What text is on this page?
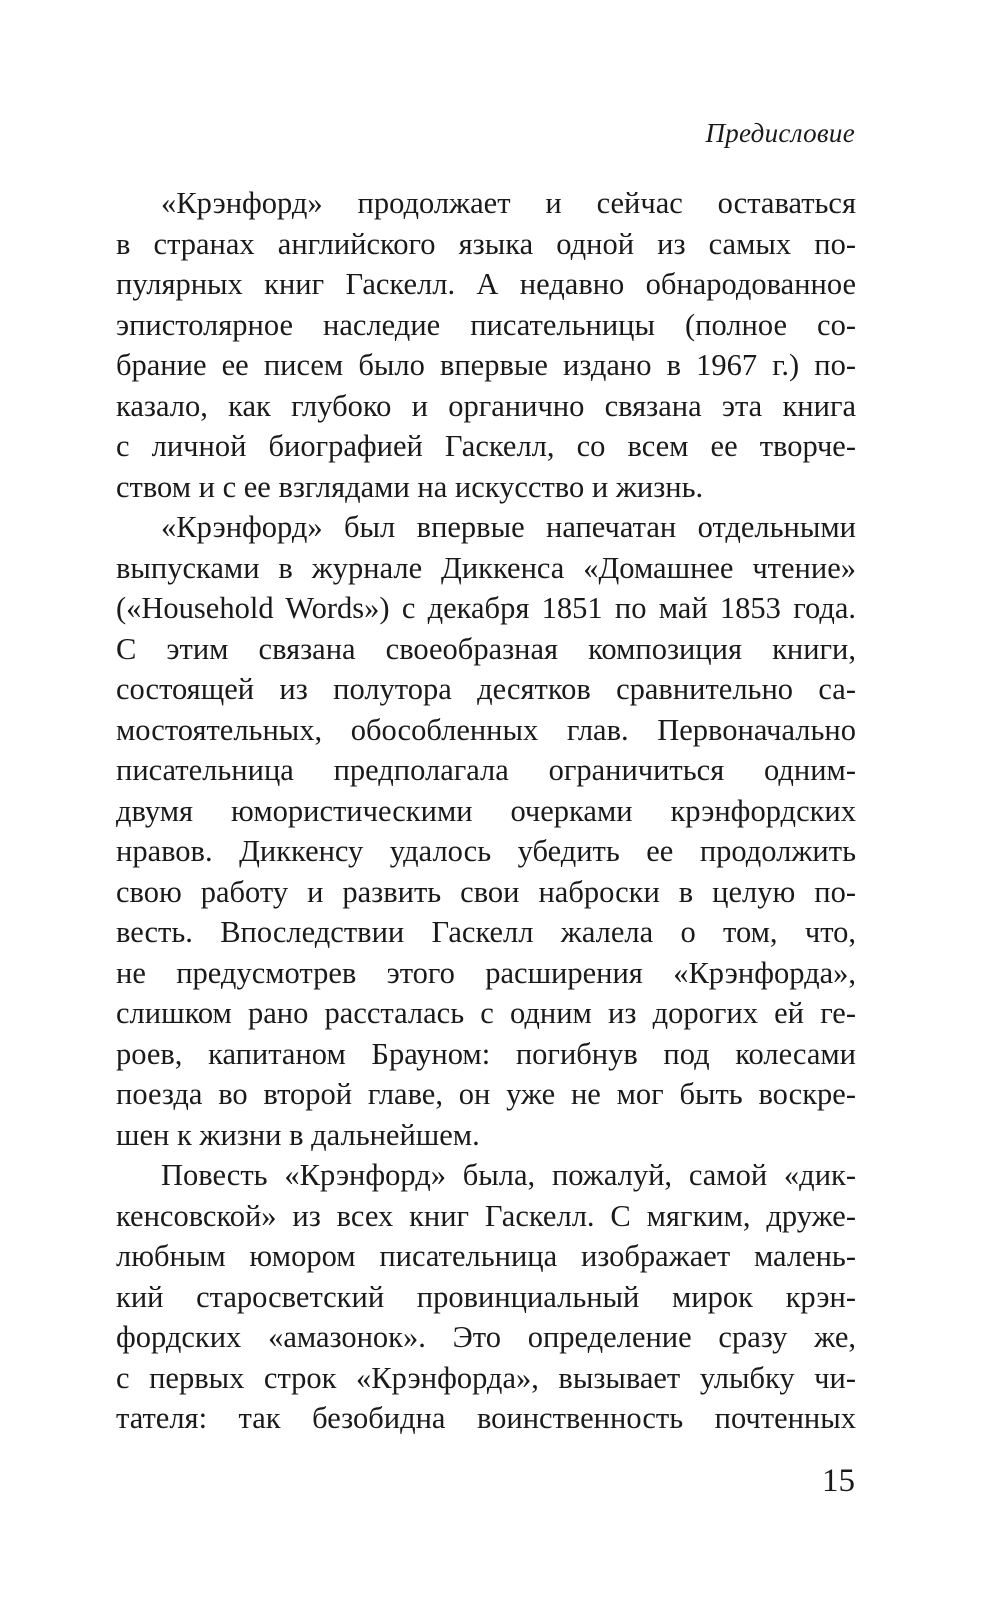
Предисловие
«Крэнфорд» продолжает и сейчас оставаться
в странах английского языка одной из самых по-
пулярных книг Гаскелл. А недавно обнародованное
эпистолярное наследие писательницы (полное со-
брание ее писем было впервые издано в 1967 г.) по-
казало, как глубоко и органично связана эта книга
с личной биографией Гаскелл, со всем ее творче-
ством и с ее взглядами на искусство и жизнь.
«Крэнфорд» был впервые напечатан отдельными
выпусками в журнале Диккенса «Домашнее чтение»
(«Household Words») с декабря 1851 по май 1853 года.
С этим связана своеобразная композиция книги,
состоящей из полутора десятков сравнительно са-
мостоятельных, обособленных глав. Первоначально
писательница предполагала ограничиться одним-
двумя юмористическими очерками крэнфордских
нравов. Диккенсу удалось убедить ее продолжить
свою работу и развить свои наброски в целую по-
весть. Впоследствии Гаскелл жалела о том, что,
не предусмотрев этого расширения «Крэнфорда»,
слишком рано рассталась с одним из дорогих ей ге-
роев, капитаном Брауном: погибнув под колесами
поезда во второй главе, он уже не мог быть воскре-
шен к жизни в дальнейшем.
Повесть «Крэнфорд» была, пожалуй, самой «дик-
кенсовской» из всех книг Гаскелл. С мягким, друже-
любным юмором писательница изображает малень-
кий старосветский провинциальный мирок крэн-
фордских «амазонок». Это определение сразу же,
с первых строк «Крэнфорда», вызывает улыбку чи-
тателя: так безобидна воинственность почтенных
15
